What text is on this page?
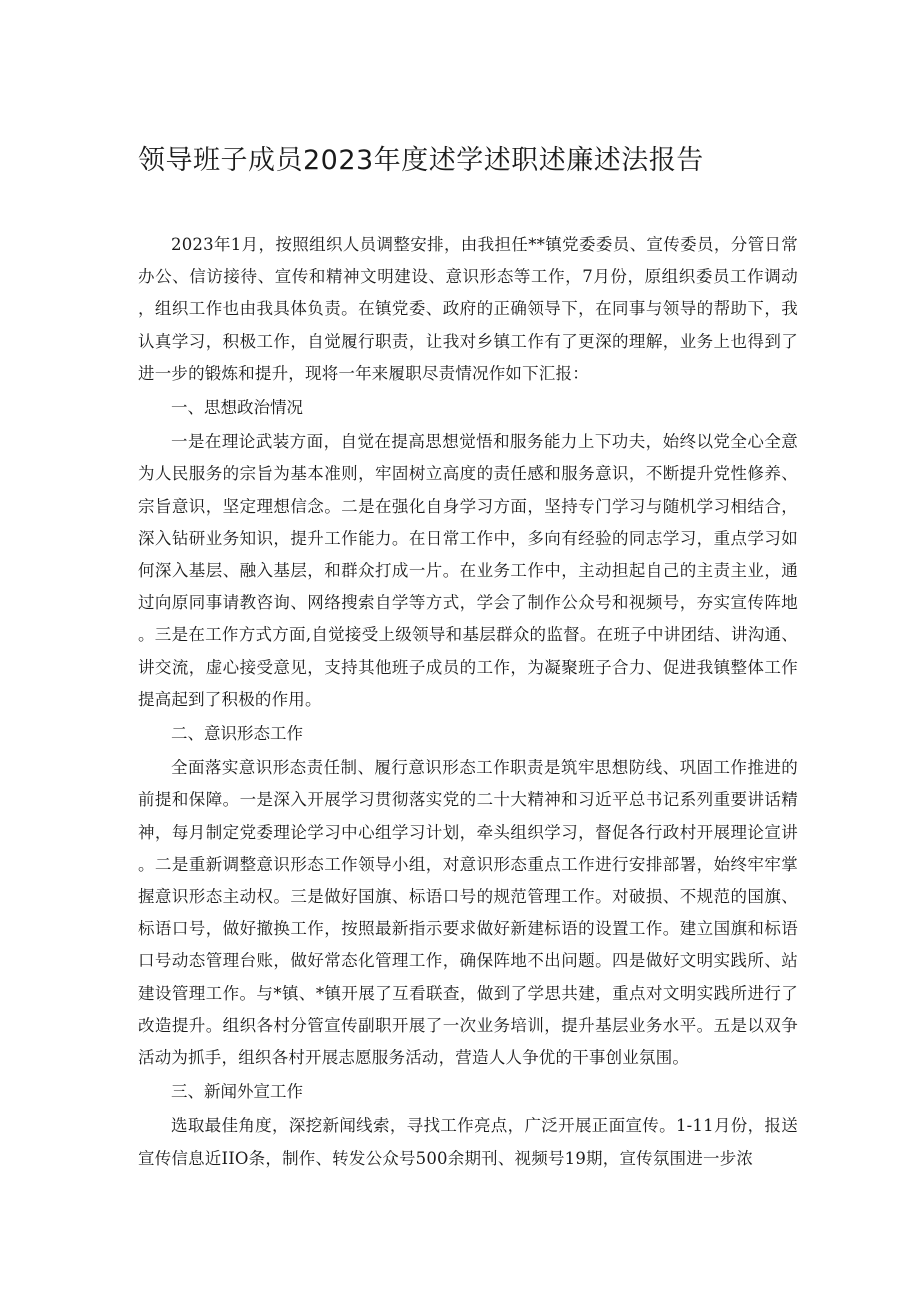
领导班子成员2023年度述学述职述廉述法报告

2023年1月，按照组织人员调整安排，由我担任**镇党委委员、宣传委员，分管日常办公、信访接待、宣传和精神文明建设、意识形态等工作，7月份，原组织委员工作调动，组织工作也由我具体负责。在镇党委、政府的正确领导下，在同事与领导的帮助下，我认真学习，积极工作，自觉履行职责，让我对乡镇工作有了更深的理解，业务上也得到了进一步的锻炼和提升，现将一年来履职尽责情况作如下汇报：

一、思想政治情况

一是在理论武装方面，自觉在提高思想觉悟和服务能力上下功夫，始终以党全心全意为人民服务的宗旨为基本准则，牢固树立高度的责任感和服务意识，不断提升党性修养、宗旨意识，坚定理想信念。二是在强化自身学习方面，坚持专门学习与随机学习相结合，深入钻研业务知识，提升工作能力。在日常工作中，多向有经验的同志学习，重点学习如何深入基层、融入基层，和群众打成一片。在业务工作中，主动担起自己的主责主业，通过向原同事请教咨询、网络搜索自学等方式，学会了制作公众号和视频号，夯实宣传阵地。三是在工作方式方面,自觉接受上级领导和基层群众的监督。在班子中讲团结、讲沟通、讲交流，虚心接受意见，支持其他班子成员的工作，为凝聚班子合力、促进我镇整体工作提高起到了积极的作用。

二、意识形态工作

全面落实意识形态责任制、履行意识形态工作职责是筑牢思想防线、巩固工作推进的前提和保障。一是深入开展学习贯彻落实党的二十大精神和习近平总书记系列重要讲话精神，每月制定党委理论学习中心组学习计划，牵头组织学习，督促各行政村开展理论宣讲。二是重新调整意识形态工作领导小组，对意识形态重点工作进行安排部署，始终牢牢掌握意识形态主动权。三是做好国旗、标语口号的规范管理工作。对破损、不规范的国旗、标语口号，做好撤换工作，按照最新指示要求做好新建标语的设置工作。建立国旗和标语口号动态管理台账，做好常态化管理工作，确保阵地不出问题。四是做好文明实践所、站建设管理工作。与*镇、*镇开展了互看联查，做到了学思共建，重点对文明实践所进行了改造提升。组织各村分管宣传副职开展了一次业务培训，提升基层业务水平。五是以双争活动为抓手，组织各村开展志愿服务活动，营造人人争优的干事创业氛围。

三、新闻外宣工作

选取最佳角度，深挖新闻线索，寻找工作亮点，广泛开展正面宣传。1-11月份，报送宣传信息近IIO条，制作、转发公众号500余期刊、视频号19期，宣传氛围进一步浓
